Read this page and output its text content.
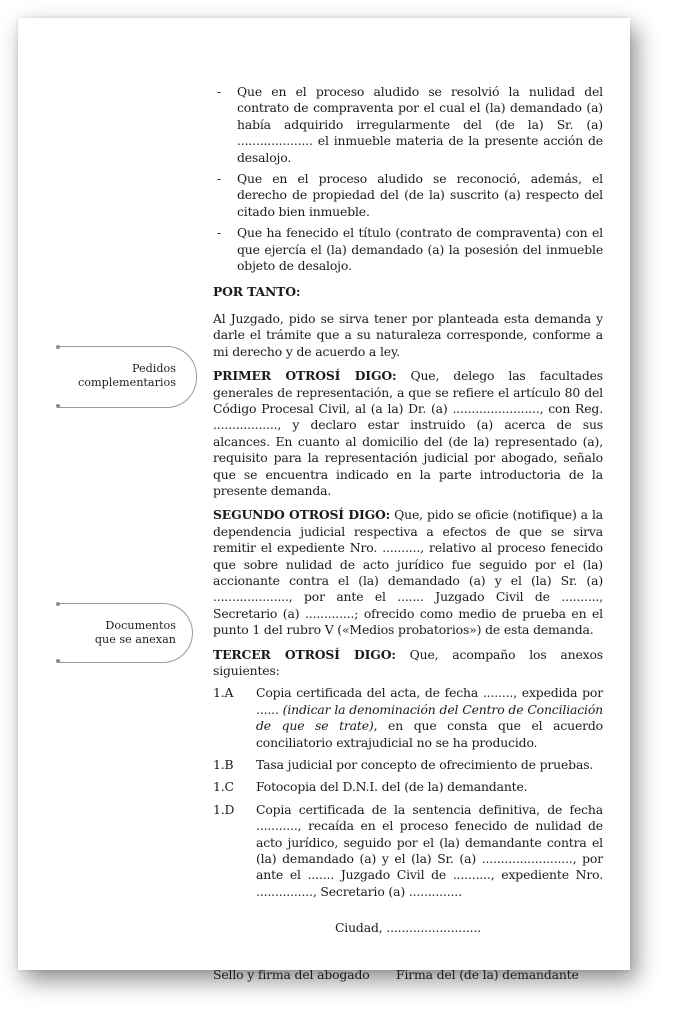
Pedidos
complementarios
Documentos
que se anexan
- Que en el proceso aludido se resolvió la nulidad del contrato de compraventa por el cual el (la) demandado (a) había adquirido irregularmente del (de la) Sr. (a) .................... el inmueble materia de la presente acción de desalojo.
- Que en el proceso aludido se reconoció, además, el derecho de propiedad del (de la) suscrito (a) respecto del citado bien inmueble.
- Que ha fenecido el título (contrato de compraventa) con el que ejercía el (la) demandado (a) la posesión del inmueble objeto de desalojo.
POR TANTO:

Al Juzgado, pido se sirva tener por planteada esta demanda y darle el trámite que a su naturaleza corresponde, conforme a mi derecho y de acuerdo a ley.

PRIMER OTROSÍ DIGO: Que, delego las facultades generales de representación, a que se refiere el artículo 80 del Código Procesal Civil, al (a la) Dr. (a) ......................., con Reg. ................., y declaro estar instruido (a) acerca de sus alcances. En cuanto al domicilio del (de la) representado (a), requisito para la representación judicial por abogado, señalo que se encuentra indicado en la parte introductoria de la presente demanda.

SEGUNDO OTROSÍ DIGO: Que, pido se oficie (notifique) a la dependencia judicial respectiva a efectos de que se sirva remitir el expediente Nro. .........., relativo al proceso fenecido que sobre nulidad de acto jurídico fue seguido por el (la) accionante contra el (la) demandado (a) y el (la) Sr. (a) ...................., por ante el ....... Juzgado Civil de .........., Secretario (a) .............; ofrecido como medio de prueba en el punto 1 del rubro V («Medios probatorios») de esta demanda.

TERCER OTROSÍ DIGO: Que, acompaño los anexos siguientes:

1.A	Copia certificada del acta, de fecha ........, expedida por ...... (indicar la denominación del Centro de Conciliación de que se trate), en que consta que el acuerdo conciliatorio extrajudicial no se ha producido.
1.B	Tasa judicial por concepto de ofrecimiento de pruebas.
1.C	Fotocopia del D.N.I. del (de la) demandante.
1.D	Copia certificada de la sentencia definitiva, de fecha ..........., recaída en el proceso fenecido de nulidad de acto jurídico, seguido por el (la) demandante contra el (la) demandado (a) y el (la) Sr. (a) ........................, por ante el ....... Juzgado Civil de .........., expediente Nro. ..............., Secretario (a) ..............
Ciudad, .........................
Sello y firma del abogado	Firma del (de la) demandante
